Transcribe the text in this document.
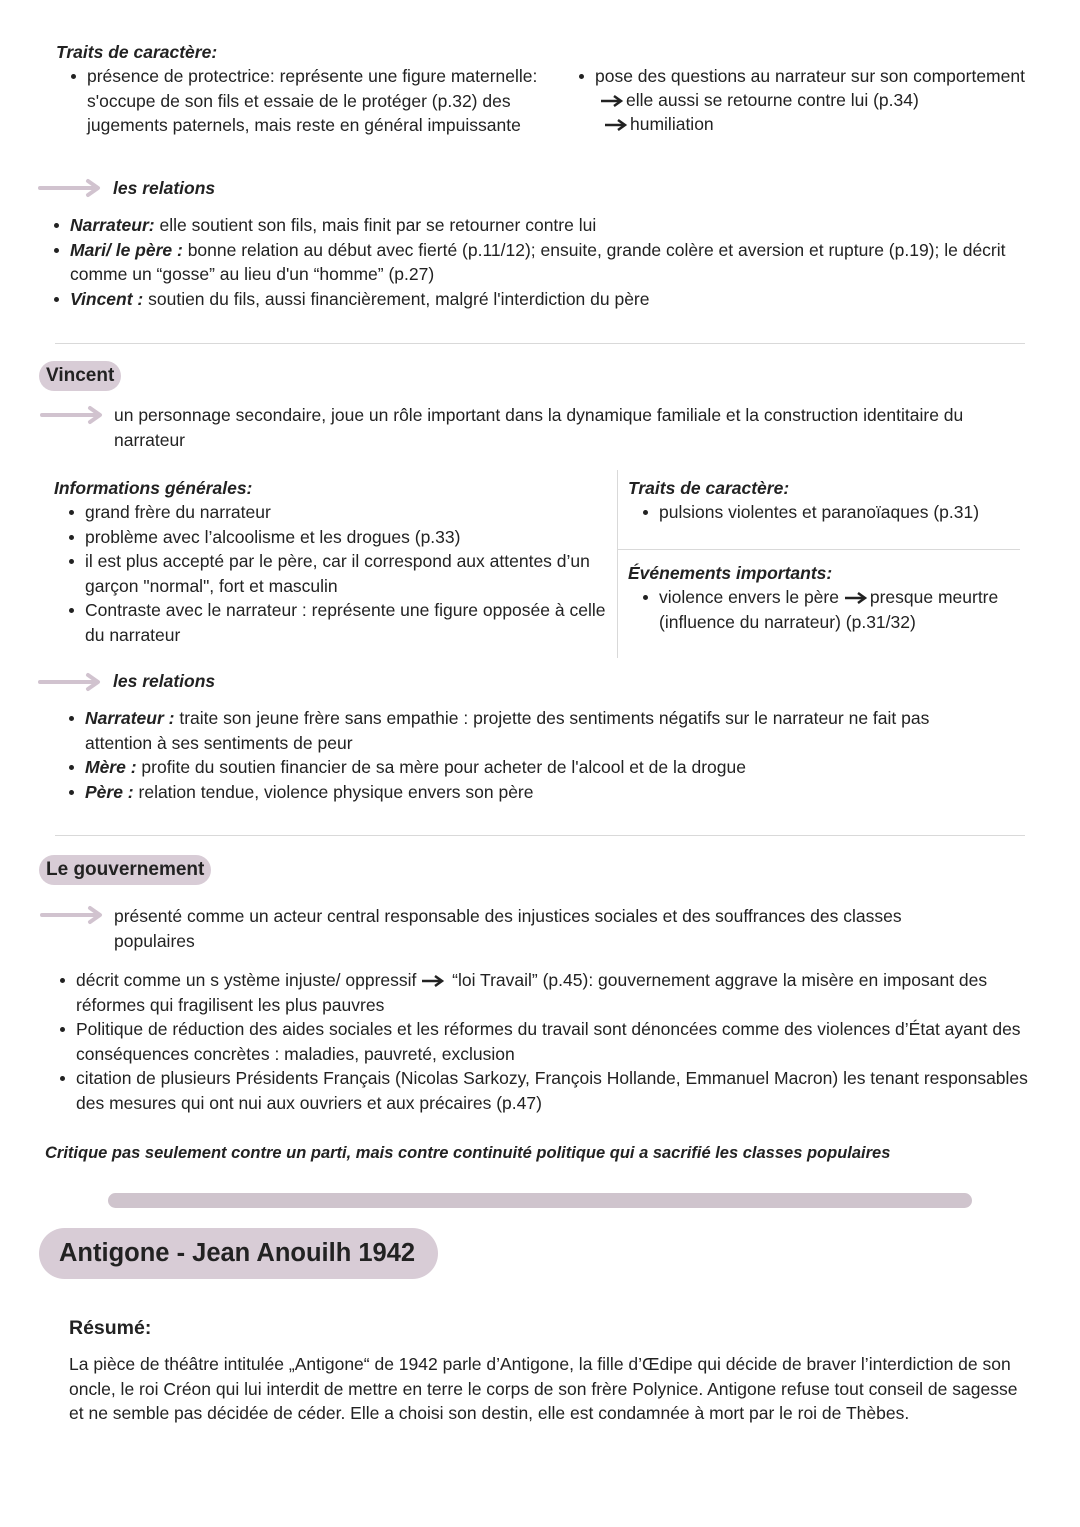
Traits de caractère:
présence de protectrice: représente une figure maternelle: s'occupe de son fils et essaie de le protéger (p.32) des jugements paternels, mais reste en général impuissante
pose des questions au narrateur sur son comportement
elle aussi se retourne contre lui (p.34)
humiliation
les relations
Narrateur: elle soutient son fils, mais finit par se retourner contre lui
Mari/ le père : bonne relation au début avec fierté (p.11/12); ensuite, grande colère et aversion et rupture (p.19); le décrit comme un “gosse” au lieu d'un “homme” (p.27)
Vincent : soutien du fils, aussi financièrement, malgré l'interdiction du père
Vincent
un personnage secondaire, joue un rôle important dans la dynamique familiale et la construction identitaire du narrateur
Informations générales:
grand frère du narrateur
problème avec l’alcoolisme et les drogues (p.33)
il est plus accepté par le père, car il correspond aux attentes d’un garçon "normal", fort et masculin
Contraste avec le narrateur : représente une figure opposée à celle du narrateur
Traits de caractère:
pulsions violentes et paranoïaques (p.31)
Événements importants:
violence envers le père presque meurtre (influence du narrateur) (p.31/32)
les relations
Narrateur : traite son jeune frère sans empathie : projette des sentiments négatifs sur le narrateur ne fait pas attention à ses sentiments de peur
Mère : profite du soutien financier de sa mère pour acheter de l'alcool et de la drogue
Père : relation tendue, violence physique envers son père
Le gouvernement
présenté comme un acteur central responsable des injustices sociales et des souffrances des classes populaires
décrit comme un s ystème injuste/ oppressif “loi Travail” (p.45): gouvernement aggrave la misère en imposant des réformes qui fragilisent les plus pauvres
Politique de réduction des aides sociales et les réformes du travail sont dénoncées comme des violences d’État ayant des conséquences concrètes : maladies, pauvreté, exclusion
citation de plusieurs Présidents Français (Nicolas Sarkozy, François Hollande, Emmanuel Macron) les tenant responsables des mesures qui ont nui aux ouvriers et aux précaires (p.47)
Critique pas seulement contre un parti, mais contre continuité politique qui a sacrifié les classes populaires
Antigone - Jean Anouilh 1942
Résumé:
La pièce de théâtre intitulée „Antigone“ de 1942 parle d’Antigone, la fille d’Œdipe qui décide de braver l’interdiction de son oncle, le roi Créon qui lui interdit de mettre en terre le corps de son frère Polynice. Antigone refuse tout conseil de sagesse et ne semble pas décidée de céder. Elle a choisi son destin, elle est condamnée à mort par le roi de Thèbes.
